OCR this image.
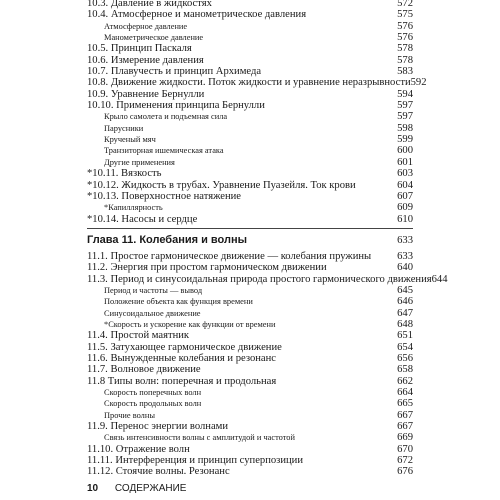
10.3. Давление в жидкостях	572
10.4. Атмосферное и манометрическое давления	575
Атмосферное давление	576
Манометрическое давление	576
10.5. Принцип Паскаля	578
10.6. Измерение давления	578
10.7. Плавучесть и принцип Архимеда	583
10.8. Движение жидкости. Поток жидкости и уравнение неразрывности 592
10.9. Уравнение Бернулли	594
10.10. Применения принципа Бернулли	597
Крыло самолета и подъемная сила	597
Парусники	598
Крученый мяч	599
Транзиторная ишемическая атака	600
Другие применения	601
*10.11. Вязкость	603
*10.12. Жидкость в трубах. Уравнение Пуазейля. Ток крови	604
*10.13. Поверхностное натяжение	607
*Капиллярность	609
*10.14. Насосы и сердце	610
Глава 11. Колебания и волны	633
11.1. Простое гармоническое движение — колебания пружины	633
11.2. Энергия при простом гармоническом движении	640
11.3. Период и синусоидальная природа простого гармонического движения 644
Период и частоты — вывод	645
Положение объекта как функция времени	646
Синусоидальное движение	647
*Скорость и ускорение как функции от времени	648
11.4. Простой маятник	651
11.5. Затухающее гармоническое движение	654
11.6. Вынужденные колебания и резонанс	656
11.7. Волновое движение	658
11.8 Типы волн: поперечная и продольная	662
Скорость поперечных волн	664
Скорость продольных волн	665
Прочие волны	667
11.9. Перенос энергии волнами	667
Связь интенсивности волны с амплитудой и частотой	669
11.10. Отражение волн	670
11.11. Интерференция и принцип суперпозиции	672
11.12. Стоячие волны. Резонанс	676
10 СОДЕРЖАНИЕ
